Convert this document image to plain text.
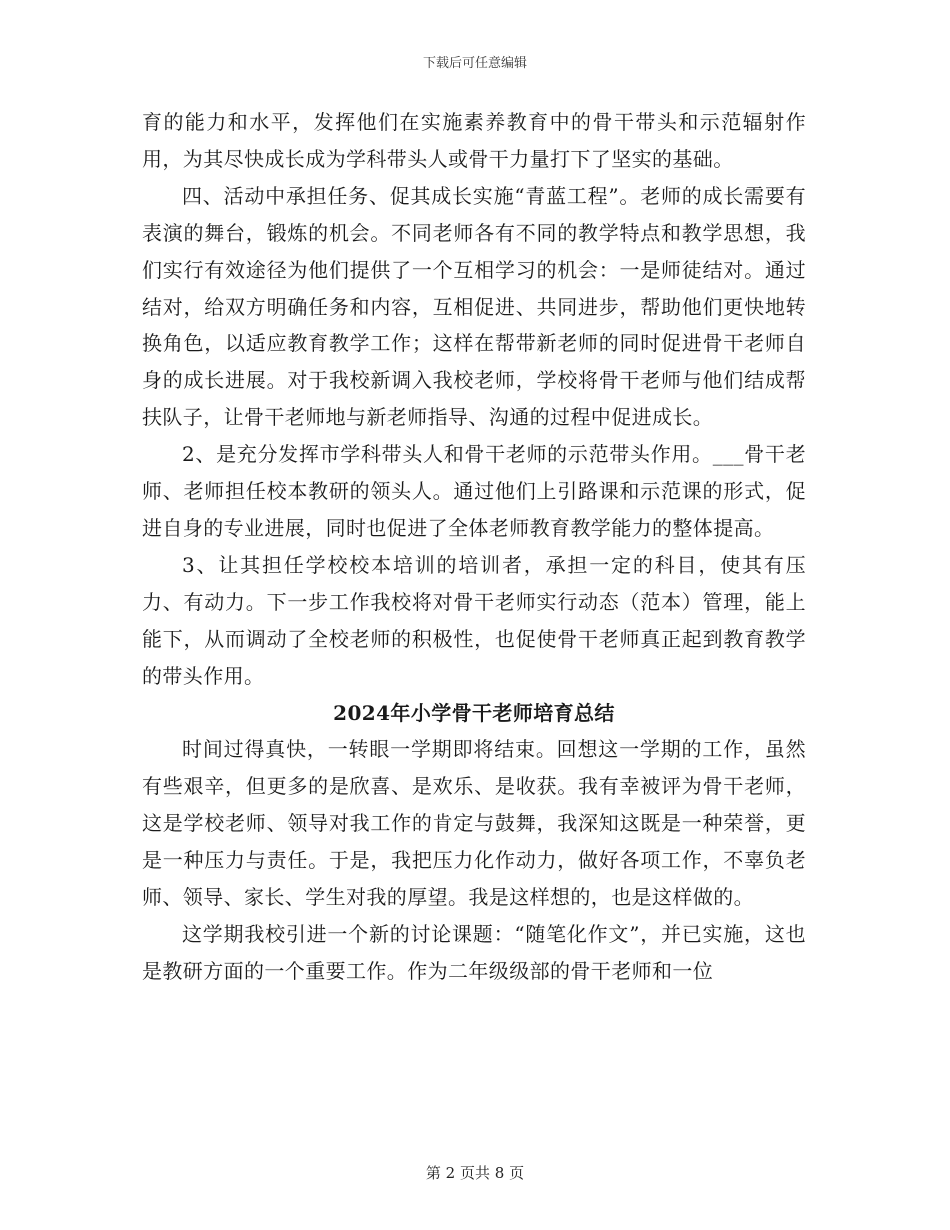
下载后可任意编辑

育的能力和水平，发挥他们在实施素养教育中的骨干带头和示范辐射作用，为其尽快成长成为学科带头人或骨干力量打下了坚实的基础。

四、活动中承担任务、促其成长实施“青蓝工程”。老师的成长需要有表演的舞台，锻炼的机会。不同老师各有不同的教学特点和教学思想，我们实行有效途径为他们提供了一个互相学习的机会：一是师徒结对。通过结对，给双方明确任务和内容，互相促进、共同进步，帮助他们更快地转换角色，以适应教育教学工作；这样在帮带新老师的同时促进骨干老师自身的成长进展。对于我校新调入我校老师，学校将骨干老师与他们结成帮扶队子，让骨干老师地与新老师指导、沟通的过程中促进成长。

2、是充分发挥市学科带头人和骨干老师的示范带头作用。___骨干老师、老师担任校本教研的领头人。通过他们上引路课和示范课的形式，促进自身的专业进展，同时也促进了全体老师教育教学能力的整体提高。

3、让其担任学校校本培训的培训者，承担一定的科目，使其有压力、有动力。下一步工作我校将对骨干老师实行动态（范本）管理，能上能下，从而调动了全校老师的积极性，也促使骨干老师真正起到教育教学的带头作用。

2024年小学骨干老师培育总结

时间过得真快，一转眼一学期即将结束。回想这一学期的工作，虽然有些艰辛，但更多的是欣喜、是欢乐、是收获。我有幸被评为骨干老师，这是学校老师、领导对我工作的肯定与鼓舞，我深知这既是一种荣誉，更是一种压力与责任。于是，我把压力化作动力，做好各项工作，不辜负老师、领导、家长、学生对我的厚望。我是这样想的，也是这样做的。

这学期我校引进一个新的讨论课题：“随笔化作文”，并已实施，这也是教研方面的一个重要工作。作为二年级级部的骨干老师和一位

第 2 页共 8 页
